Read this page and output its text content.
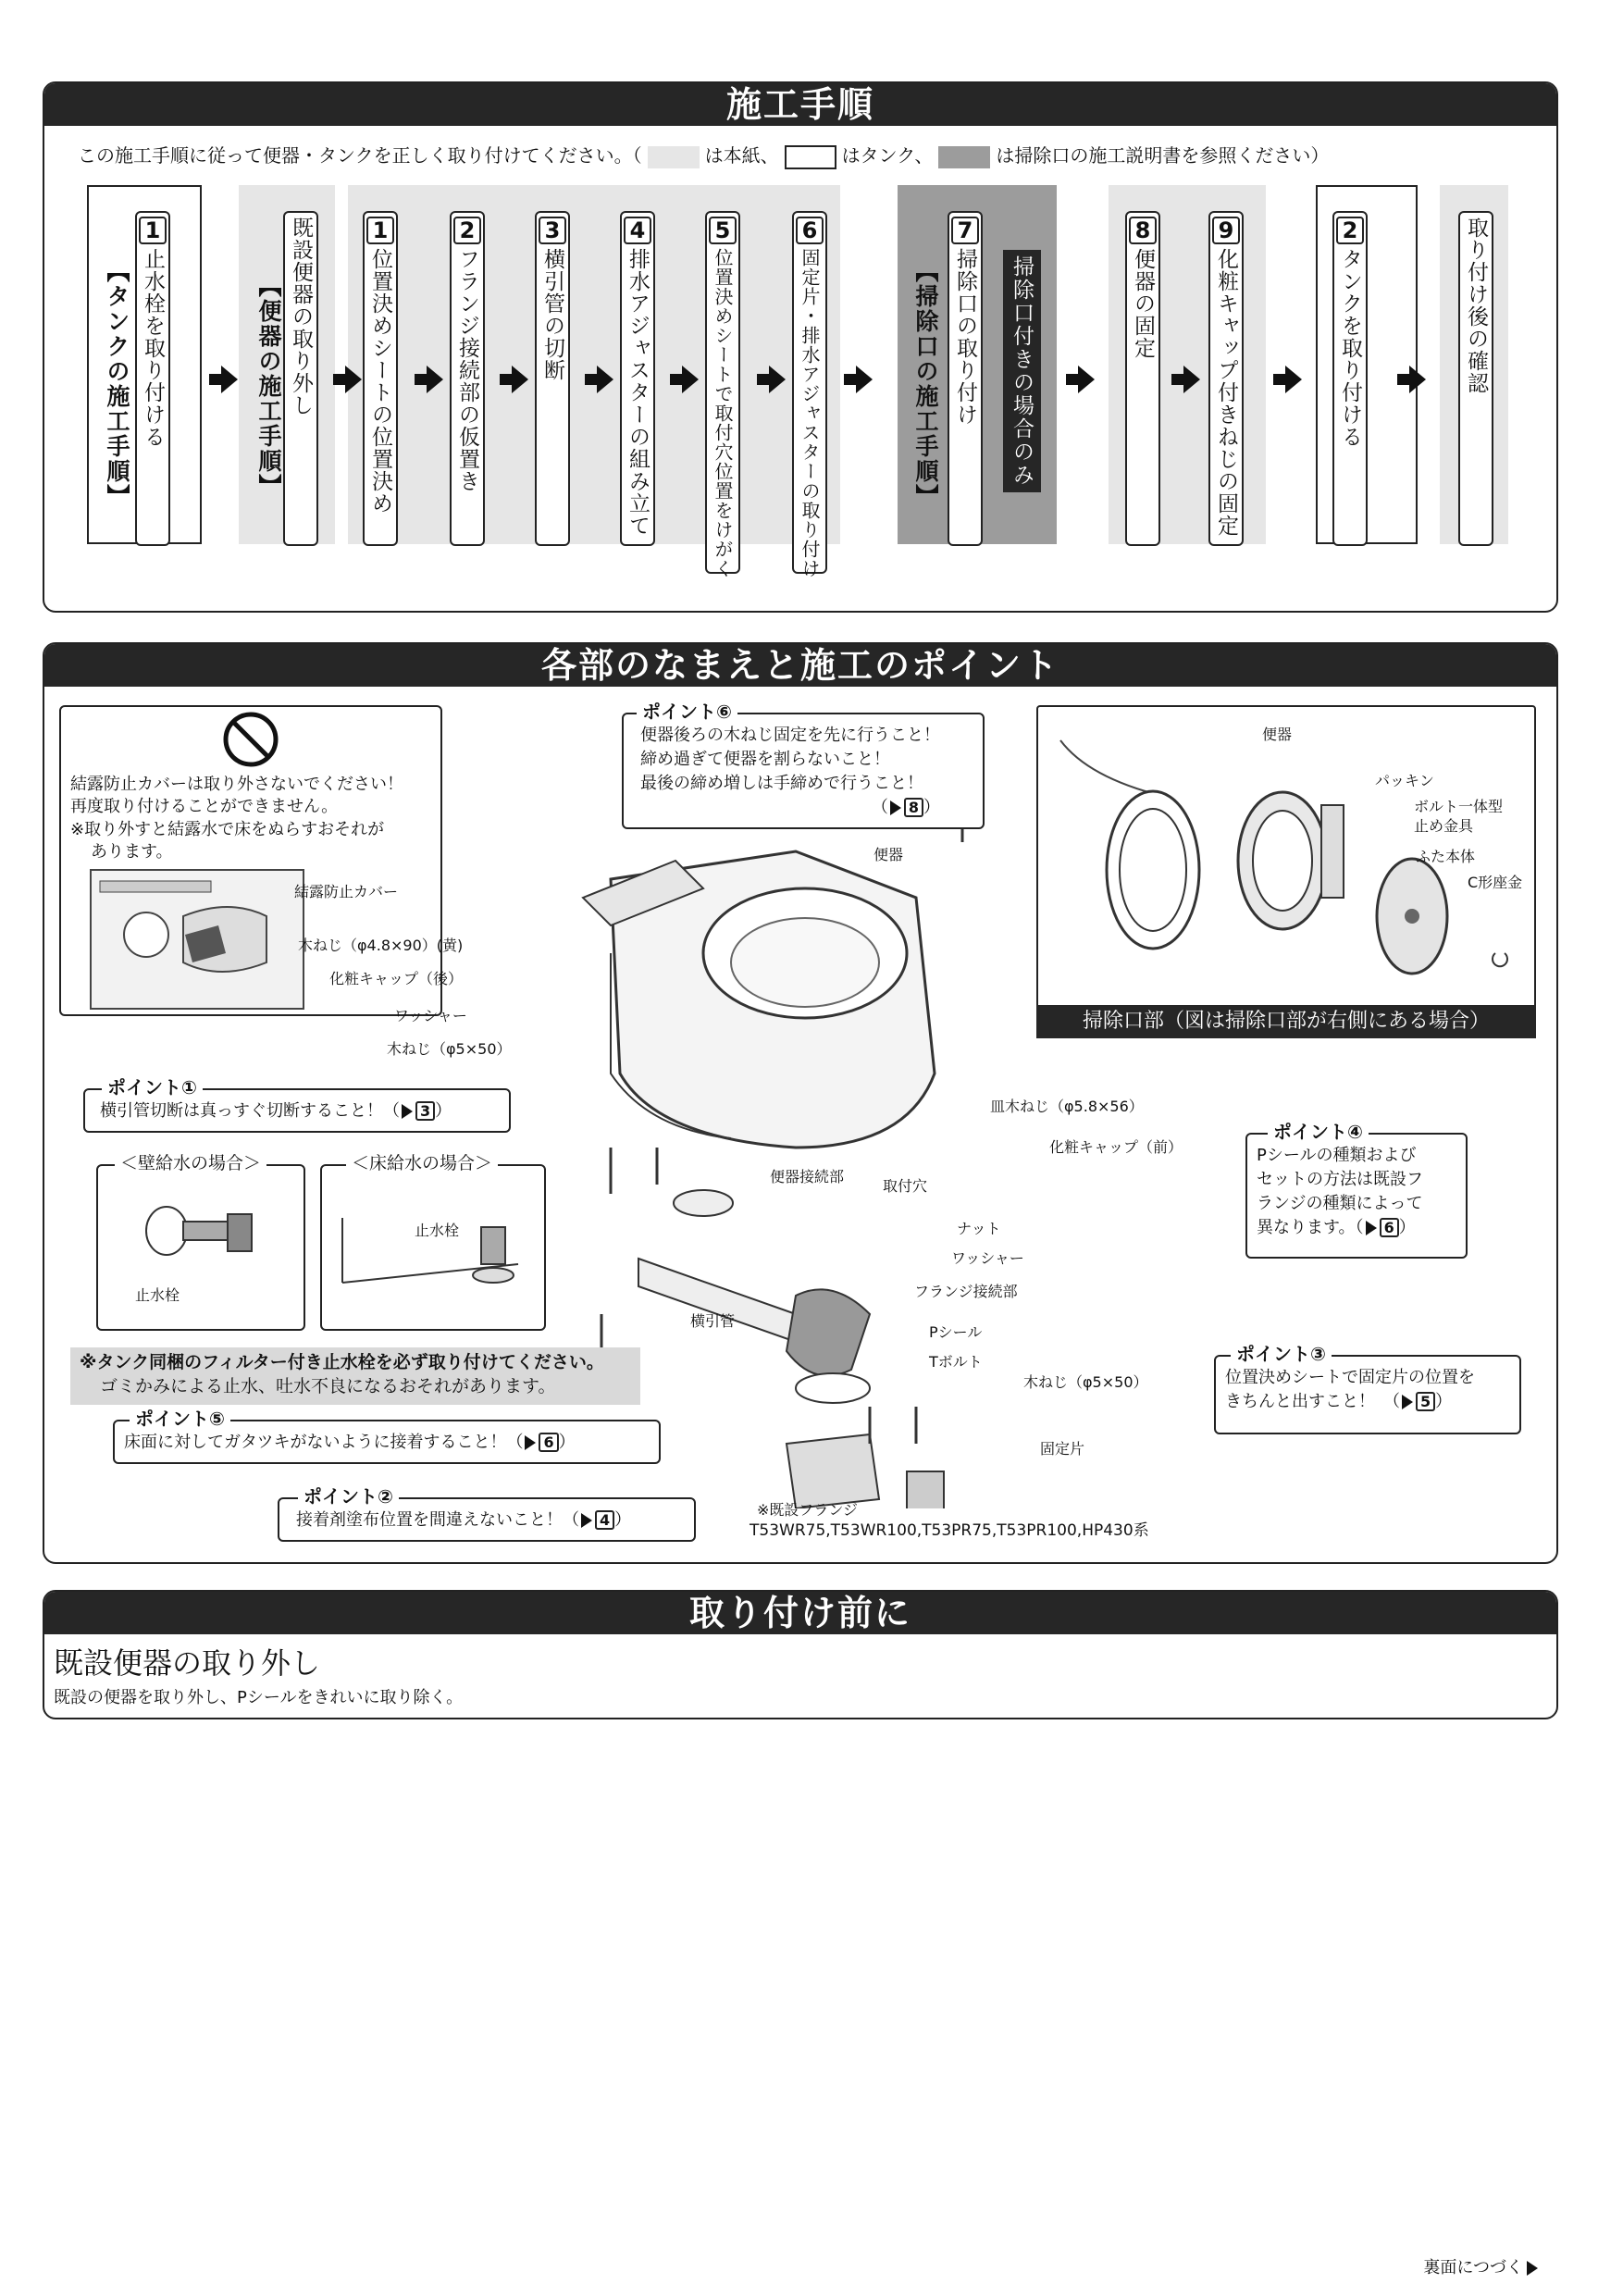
施工手順
この施工手順に従って便器・タンクを正しく取り付けてください。（	は本紙、	はタンク、	は掃除口の施工説明書を参照ください）
【タンクの施工手順】	【便器の施工手順】	【掃除口の施工手順】	掃除口付きの場合のみ
1
止水栓を取り付ける	既設便器の取り外し	1
位置決めシートの位置決め
2
フランジ接続部の仮置き
3
横引管の切断
4
排水アジャスターの組み立て
5
位置決めシートで取付穴位置をけがく
6
固定片・排水アジャスターの取り付け
7
掃除口の取り付け
8
便器の固定
9
化粧キャップ付きねじの固定
2
タンクを取り付ける	取り付け後の確認
各部のなまえと施工のポイント
結露防止カバーは取り外さないでください！
再度取り付けることができません。
※取り外すと結露水で床をぬらすおそれが
あります。
結露防止カバー
便器
パッキン
ボルト一体型
止め金具
ふた本体
C形座金
掃除口部（図は掃除口部が右側にある場合）
木ねじ（φ4.8×90）(黄)
化粧キャップ（後）
ワッシャー
木ねじ（φ5×50）
便器
便器接続部
取付穴
皿木ねじ（φ5.8×56）
化粧キャップ（前）
ナット
ワッシャー
フランジ接続部
横引管
Pシール
Tボルト
木ねじ（φ5×50）
固定片
※既設フランジ
T53WR75,T53WR100,T53PR75,T53PR100,HP430系
ポイント⑥
便器後ろの木ねじ固定を先に行うこと！
締め過ぎて便器を割らないこと！
最後の締め増しは手締めで行うこと！
（ 8 ）
ポイント①
横引管切断は真っすぐ切断すること！（ 3 ）
＜壁給水の場合＞
止水栓
＜床給水の場合＞
止水栓
※タンク同梱のフィルター付き止水栓を必ず取り付けてください。
ゴミかみによる止水、吐水不良になるおそれがあります。
ポイント⑤
床面に対してガタツキがないように接着すること！（ 6 ）
ポイント②
接着剤塗布位置を間違えないこと！（ 4 ）
ポイント④
Pシールの種類および
セットの方法は既設フ
ランジの種類によって
異なります。（ 6 ）
ポイント③
位置決めシートで固定片の位置を
きちんと出すこと！　（ 5 ）
取り付け前に
既設便器の取り外し
既設の便器を取り外し、Pシールをきれいに取り除く。
裏面につづく
